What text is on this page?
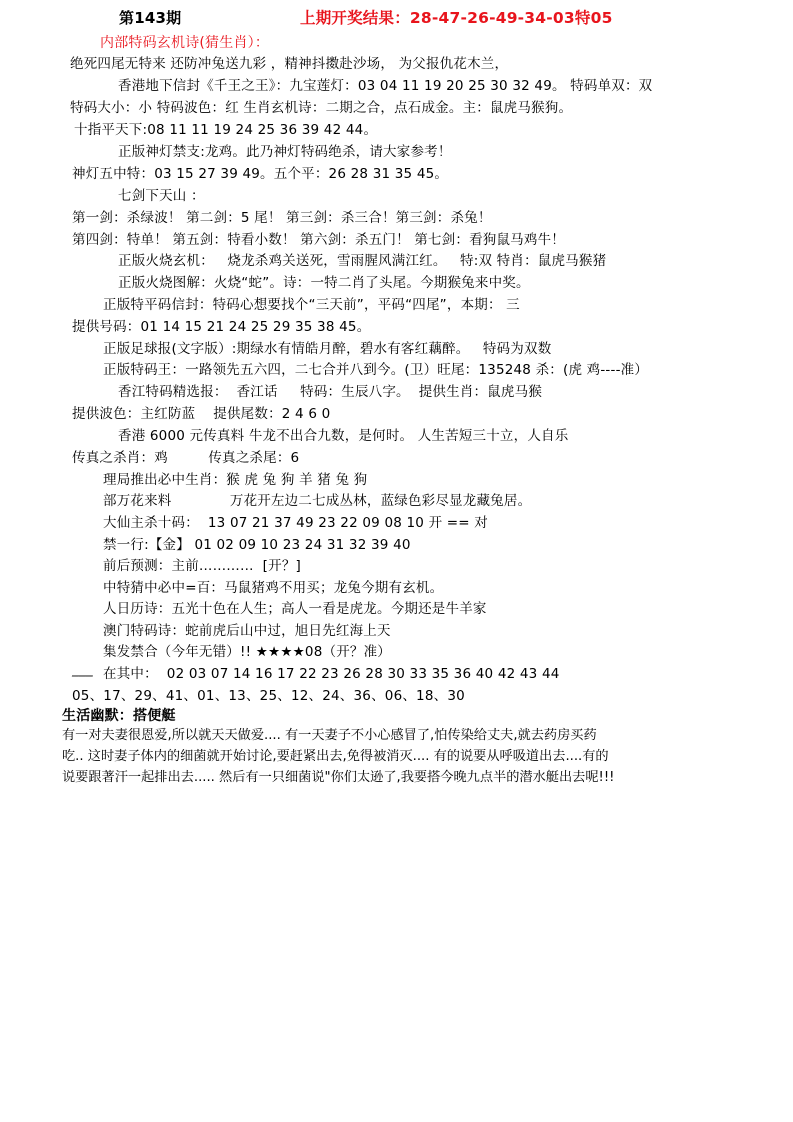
第143期	上期开奖结果：28-47-26-49-34-03特05
内部特码玄机诗(猜生肖）：
绝死四尾无特来 还防冲兔送九彩 ，精神抖擞赴沙场， 为父报仇花木兰，
香港地下信封《千王之王》：九宝莲灯：03 04 11 19 20 25 30 32 49。 特码单双：双
特码大小：小 特码波色：红 生肖玄机诗：二期之合，点石成金。主：鼠虎马猴狗。
十指平天下:08 11 11 19 24 25 36 39 42 44。
正版神灯禁支:龙鸡。此乃神灯特码绝杀，请大家参考！
神灯五中特：03 15 27 39 49。五个平：26 28 31 35 45。
七剑下天山 ：
第一剑：杀绿波！ 第二剑：5 尾！ 第三剑：杀三合！第三剑：杀兔！
第四剑：特单！ 第五剑：特看小数！ 第六剑：杀五门！ 第七剑：看狗鼠马鸡牛！
正版火烧玄机：   烧龙杀鸡关送死，雪雨腥风满江红。   特:双 特肖：鼠虎马猴猪
正版火烧图解：火烧“蛇”。诗：一特二肖了头尾。今期猴兔来中奖。
正版特平码信封：特码心想要找个“三天前”，平码“四尾”，本期： 三
提供号码：01 14 15 21 24 25 29 35 38 45。
正版足球报(文字版）:期绿水有情皓月醉，碧水有客红藕醉。   特码为双数
正版特码王：一路领先五六四，二七合并八到今。(卫）旺尾：135248 杀：(虎 鸡----准）
香江特码精选报：  香江话     特码：生辰八字。  提供生肖：鼠虎马猴
提供波色：主红防蓝    提供尾数：2 4 6 0
香港 6000 元传真料 牛龙不出合九数，是何时。 人生苦短三十立，人自乐
传真之杀肖：鸡         传真之杀尾：6
理局推出必中生肖：猴 虎 兔 狗 羊 猪 兔 狗
部万花来料             万花开左边二七成丛林，蓝绿色彩尽显龙藏兔居。
大仙主杀十码：  13 07 21 37 49 23 22 09 08 10 开 == 对
禁一行:【金】 01 02 09 10 23 24 31 32 39 40
前后预测：主前…………  [开？]
中特猜中必中=百：马鼠猪鸡不用买；龙兔今期有玄机。
人日历诗：五光十色在人生；高人一看是虎龙。今期还是牛羊家
澳门特码诗：蛇前虎后山中过，旭日先红海上天
集发禁合（今年无错）!! ★★★★08（开？准）
___ 在其中：  02 03 07 14 16 17 22 23 26 28 30 33 35 36 40 42 43 44
05、17、29、41、01、13、25、12、24、36、06、18、30
生活幽默：搭便艇
有一对夫妻很恩爱,所以就天天做爱.... 有一天妻子不小心感冒了,怕传染给丈夫,就去药房买药
吃.. 这时妻子体内的细菌就开始讨论,要赶紧出去,免得被消灭.... 有的说要从呼吸道出去....有的
说要跟著汗一起排出去..... 然后有一只细菌说"你们太逊了,我要搭今晚九点半的潜水艇出去呢!!!
